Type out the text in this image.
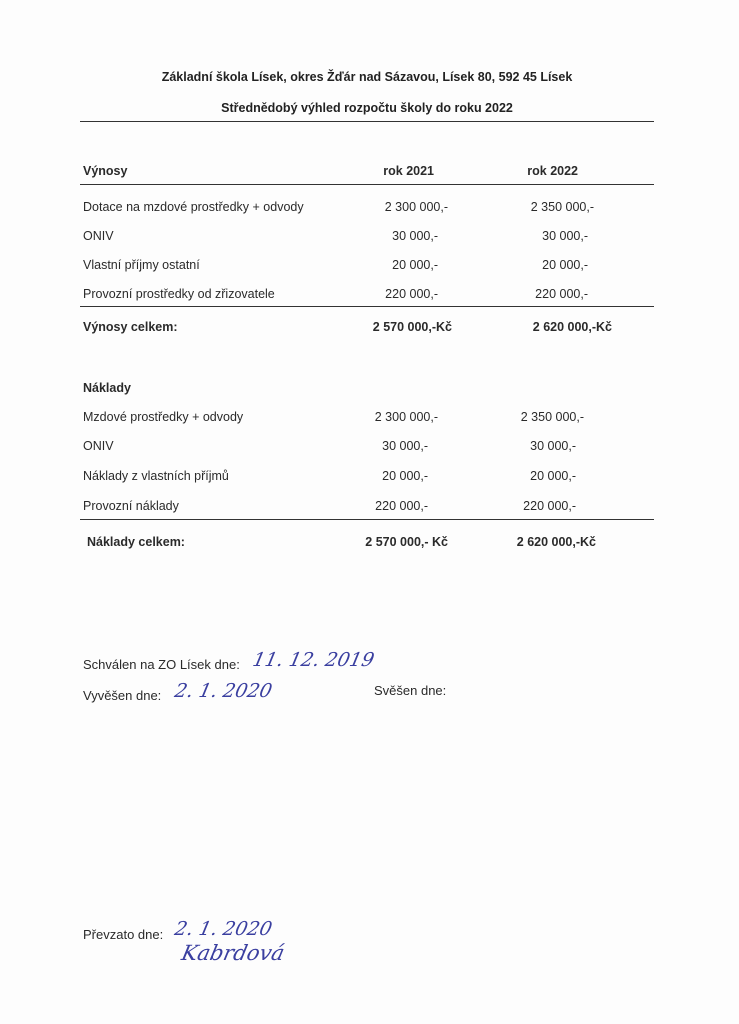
Základní škola Lísek, okres Žďár nad Sázavou, Lísek 80, 592 45 Lísek
Střednědobý výhled rozpočtu školy do roku 2022
Výnosy	rok 2021	rok 2022
Dotace na mzdové prostředky + odvody	2 300 000,-	2 350 000,-
ONIV	30 000,-	30 000,-
Vlastní příjmy ostatní	20 000,-	20 000,-
Provozní prostředky od zřizovatele	220 000,-	220 000,-
Výnosy celkem:	2 570 000,-Kč	2 620 000,-Kč
Náklady
Mzdové prostředky + odvody	2 300 000,-	2 350 000,-
ONIV	30 000,-	30 000,-
Náklady z vlastních příjmů	20 000,-	20 000,-
Provozní náklady	220 000,-	220 000,-
Náklady celkem:	2 570 000,- Kč	2 620 000,-Kč
Schválen na ZO Lísek dne: 11. 12. 2019
Vyvěšen dne: 2. 1. 2020	Svěšen dne:
Převzato dne: 2. 1. 2020
Kabrdová
